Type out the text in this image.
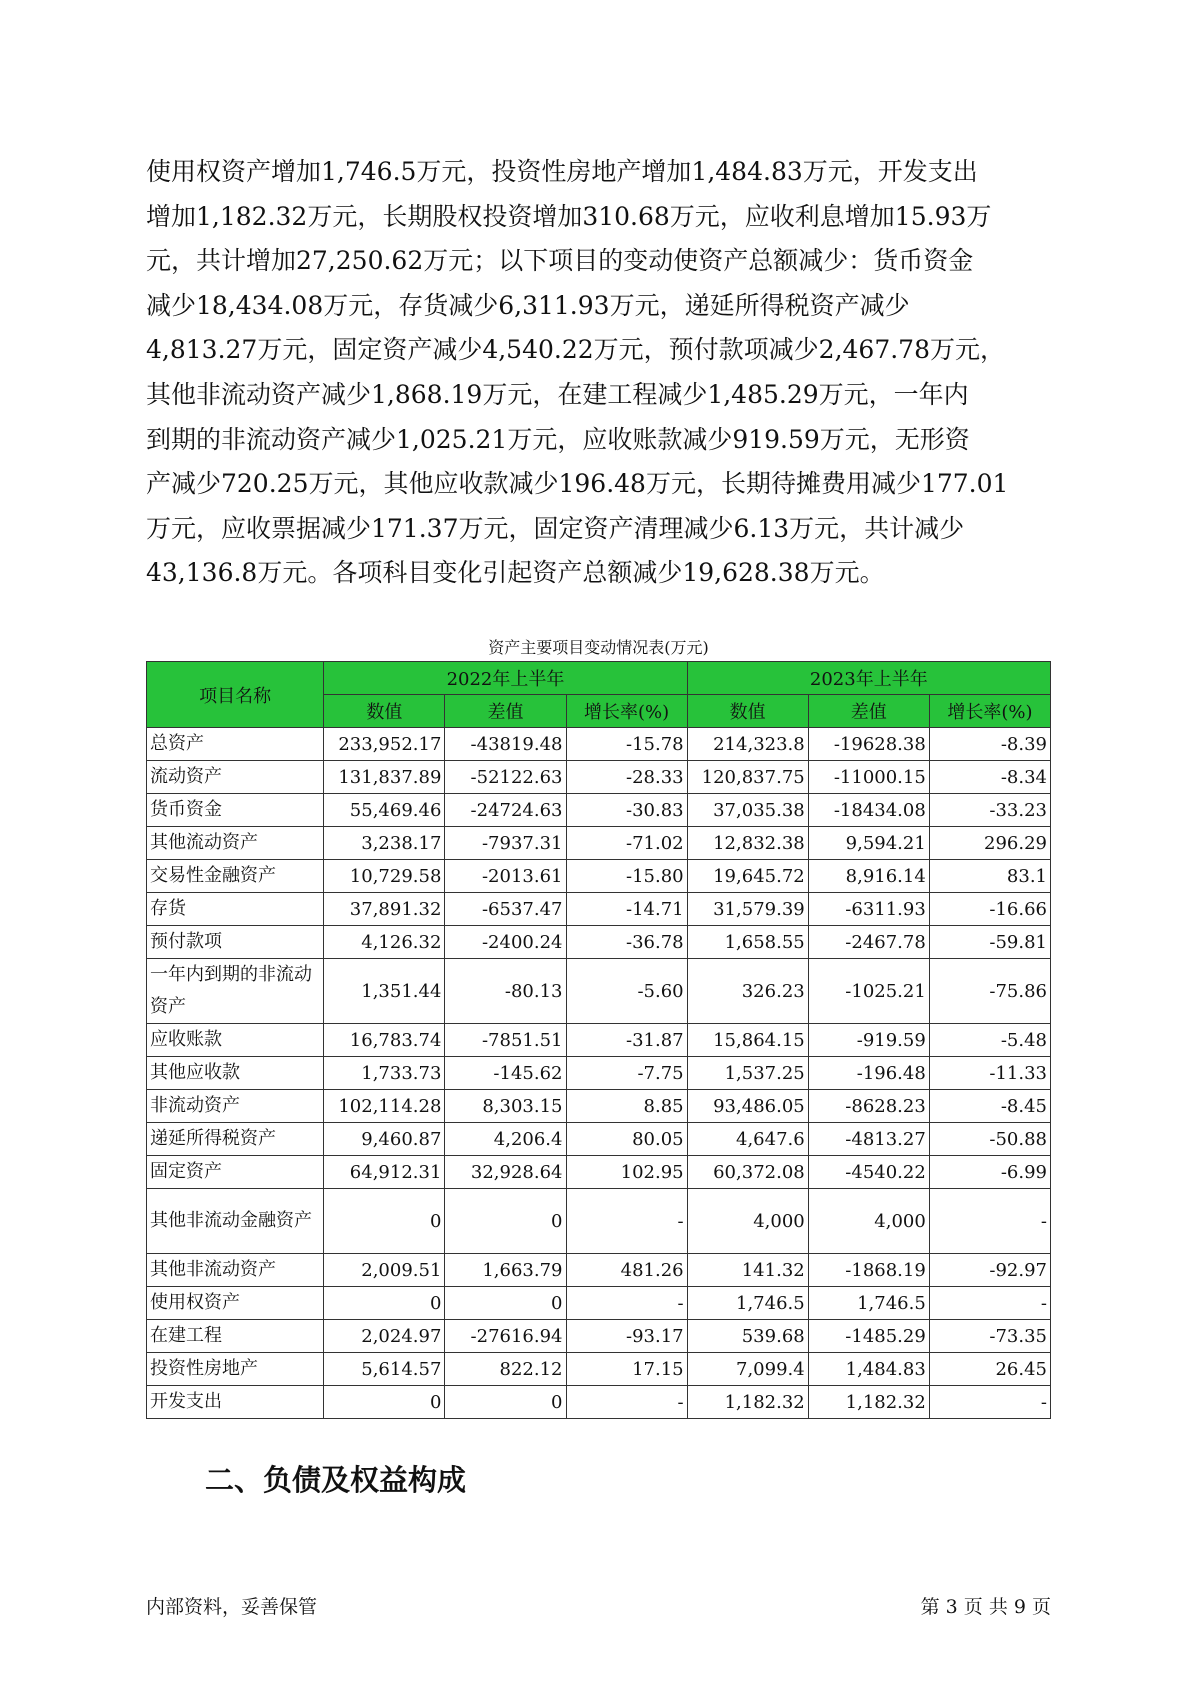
使用权资产增加1,746.5万元，投资性房地产增加1,484.83万元，开发支出

增加1,182.32万元，长期股权投资增加310.68万元，应收利息增加15.93万

元，共计增加27,250.62万元；以下项目的变动使资产总额减少：货币资金

减少18,434.08万元，存货减少6,311.93万元，递延所得税资产减少

4,813.27万元，固定资产减少4,540.22万元，预付款项减少2,467.78万元，

其他非流动资产减少1,868.19万元，在建工程减少1,485.29万元，一年内

到期的非流动资产减少1,025.21万元，应收账款减少919.59万元，无形资

产减少720.25万元，其他应收款减少196.48万元，长期待摊费用减少177.01

万元，应收票据减少171.37万元，固定资产清理减少6.13万元，共计减少

43,136.8万元。各项科目变化引起资产总额减少19,628.38万元。

资产主要项目变动情况表(万元)
项目名称	2022年上半年			2023年上半年		
	数值	差值	增长率(%)	数值	差值	增长率(%)
总资产	233,952.17	-43819.48	-15.78	214,323.8	-19628.38	-8.39
流动资产	131,837.89	-52122.63	-28.33	120,837.75	-11000.15	-8.34
货币资金	55,469.46	-24724.63	-30.83	37,035.38	-18434.08	-33.23
其他流动资产	3,238.17	-7937.31	-71.02	12,832.38	9,594.21	296.29
交易性金融资产	10,729.58	-2013.61	-15.80	19,645.72	8,916.14	83.1
存货	37,891.32	-6537.47	-14.71	31,579.39	-6311.93	-16.66
预付款项	4,126.32	-2400.24	-36.78	1,658.55	-2467.78	-59.81
一年内到期的非流动资产	1,351.44	-80.13	-5.60	326.23	-1025.21	-75.86
应收账款	16,783.74	-7851.51	-31.87	15,864.15	-919.59	-5.48
其他应收款	1,733.73	-145.62	-7.75	1,537.25	-196.48	-11.33
非流动资产	102,114.28	8,303.15	8.85	93,486.05	-8628.23	-8.45
递延所得税资产	9,460.87	4,206.4	80.05	4,647.6	-4813.27	-50.88
固定资产	64,912.31	32,928.64	102.95	60,372.08	-4540.22	-6.99
其他非流动金融资产	0	0	-	4,000	4,000	-
其他非流动资产	2,009.51	1,663.79	481.26	141.32	-1868.19	-92.97
使用权资产	0	0	-	1,746.5	1,746.5	-
在建工程	2,024.97	-27616.94	-93.17	539.68	-1485.29	-73.35
投资性房地产	5,614.57	822.12	17.15	7,099.4	1,484.83	26.45
开发支出	0	0	-	1,182.32	1,182.32	-
二、负债及权益构成
内部资料，妥善保管	第 3 页 共 9 页
